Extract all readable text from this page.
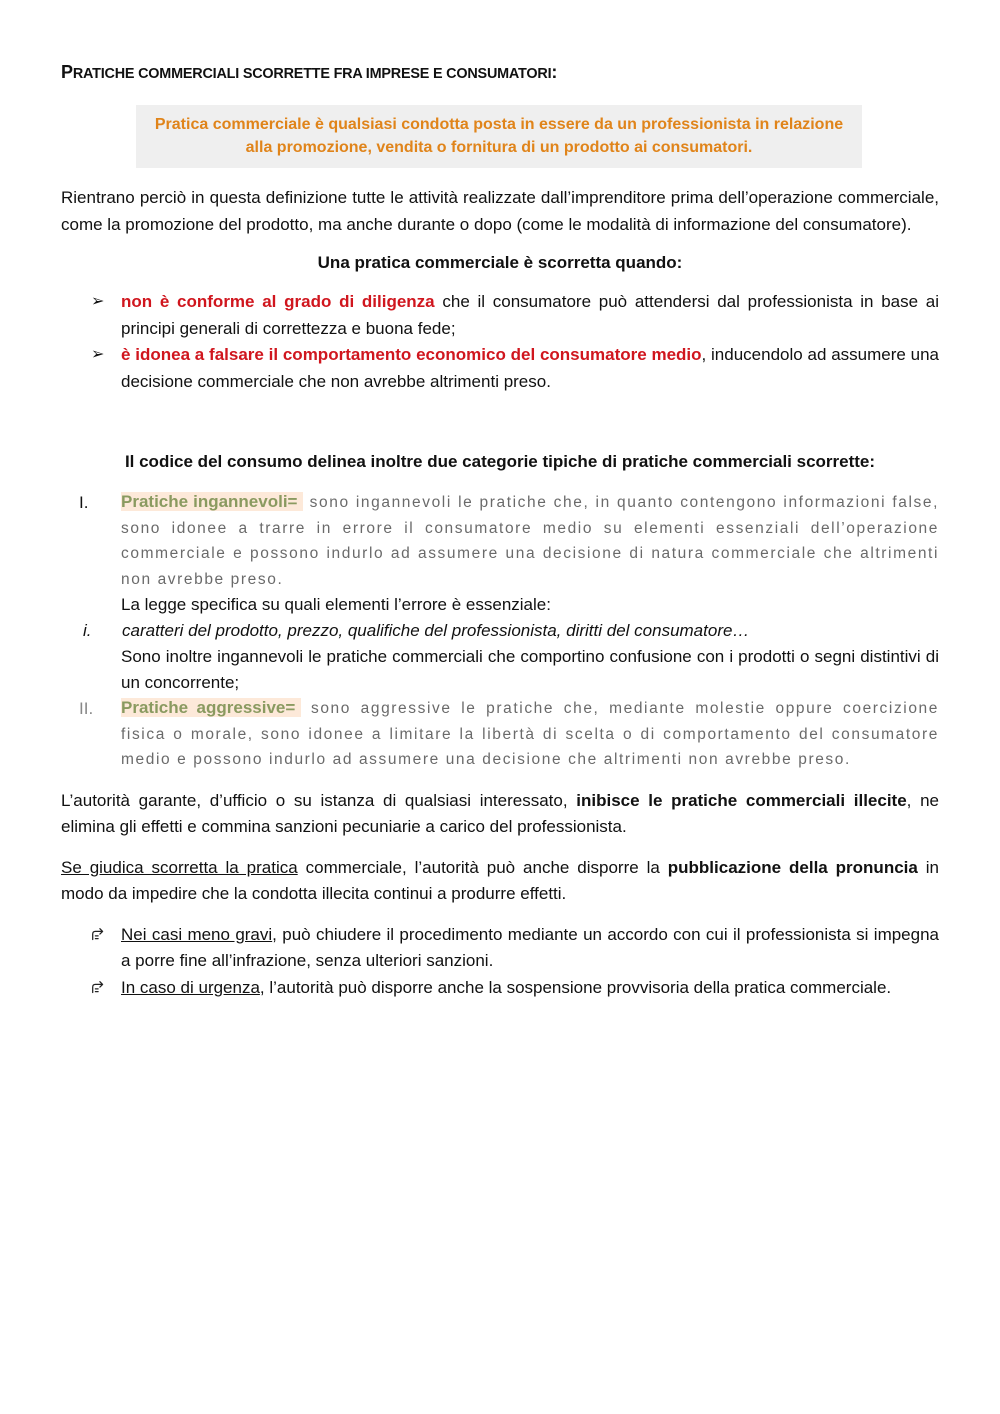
PRATICHE COMMERCIALI SCORRETTE FRA IMPRESE E CONSUMATORI:

Pratica commerciale è qualsiasi condotta posta in essere da un professionista in relazione alla promozione, vendita o fornitura di un prodotto ai consumatori.

Rientrano perciò in questa definizione tutte le attività realizzate dall’imprenditore prima dell’operazione commerciale, come la promozione del prodotto, ma anche durante o dopo (come le modalità di informazione del consumatore).

Una pratica commerciale è scorretta quando:

➢ non è conforme al grado di diligenza che il consumatore può attendersi dal professionista in base ai principi generali di correttezza e buona fede;
➢ è idonea a falsare il comportamento economico del consumatore medio, inducendolo ad assumere una decisione commerciale che non avrebbe altrimenti preso.

Il codice del consumo delinea inoltre due categorie tipiche di pratiche commerciali scorrette:

I. Pratiche ingannevoli= sono ingannevoli le pratiche che, in quanto contengono informazioni false, sono idonee a trarre in errore il consumatore medio su elementi essenziali dell’operazione commerciale e possono indurlo ad assumere una decisione di natura commerciale che altrimenti non avrebbe preso.

La legge specifica su quali elementi l’errore è essenziale:

i. caratteri del prodotto, prezzo, qualifiche del professionista, diritti del consumatore…

Sono inoltre ingannevoli le pratiche commerciali che comportino confusione con i prodotti o segni distintivi di un concorrente;

II. Pratiche aggressive= sono aggressive le pratiche che, mediante molestie oppure coercizione fisica o morale, sono idonee a limitare la libertà di scelta o di comportamento del consumatore medio e possono indurlo ad assumere una decisione che altrimenti non avrebbe preso.

L’autorità garante, d’ufficio o su istanza di qualsiasi interessato, inibisce le pratiche commerciali illecite, ne elimina gli effetti e commina sanzioni pecuniarie a carico del professionista.

Se giudica scorretta la pratica commerciale, l’autorità può anche disporre la pubblicazione della pronuncia in modo da impedire che la condotta illecita continui a produrre effetti.

Nei casi meno gravi, può chiudere il procedimento mediante un accordo con cui il professionista si impegna a porre fine all’infrazione, senza ulteriori sanzioni.
In caso di urgenza, l’autorità può disporre anche la sospensione provvisoria della pratica commerciale.
